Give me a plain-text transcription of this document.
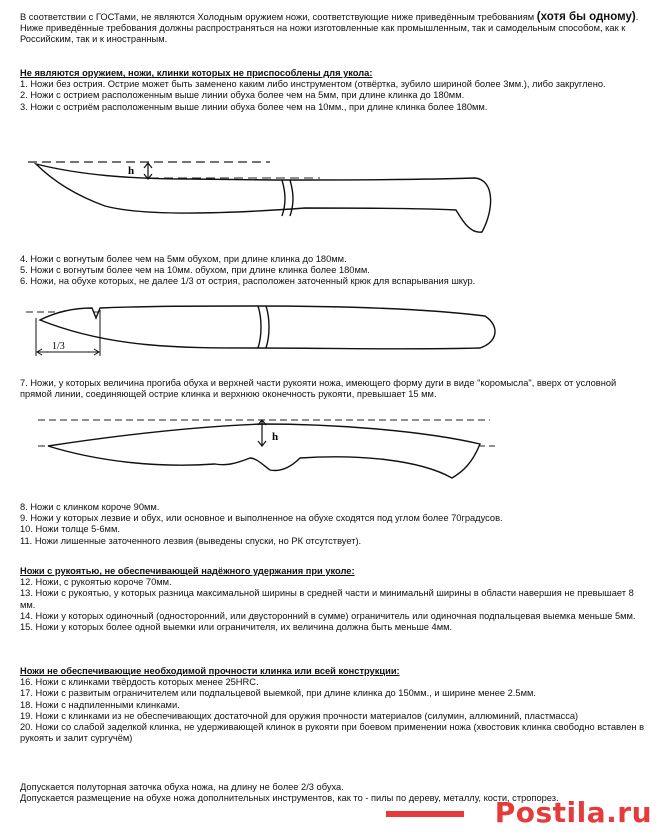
В соответствии с ГОСТами, не являются Холодным оружием ножи, соответствующие ниже приведённым требованиям (хотя бы одному). Ниже приведённые требования должны распространяться на ножи изготовленные как промышленным, так и самодельным способом, как к Российским, так и к иностранным.
Не являются оружием, ножи, клинки которых не приспособлены для укола:
1. Ножи без острия. Острие может быть заменено каким либо инструментом (отвёртка, зубило шириной более 3мм.), либо закруглено.
2. Ножи с острием расположенным выше линии обуха более чем на 5мм, при длине клинка до 180мм.
3. Ножи с остриём расположенным выше линии обуха более чем на 10мм., при длине клинка более 180мм.
h
4. Ножи с вогнутым более чем на 5мм обухом, при длине клинка до 180мм.
5. Ножи с вогнутым более чем на 10мм. обухом, при длине клинка более 180мм.
6. Ножи, на обухе которых, не далее 1/3 от острия, расположен заточенный крюк для вспарывания шкур.
1/3
7. Ножи, у которых величина прогиба обуха и верхней части рукояти ножа, имеющего форму дуги в виде "коромысла", вверх от условной прямой линии, соединяющей острие клинка и верхнюю оконечность рукояти, превышает 15 мм.
h
8. Ножи с клинком короче 90мм.
9. Ножи у которых лезвие и обух, или основное и выполненное на обухе сходятся под углом более 70градусов.
10. Ножи толще 5-6мм.
11. Ножи лишенные заточенного лезвия (выведены спуски, но РК отсутствует).
Ножи с рукоятью, не обеспечивающей надёжного удержания при уколе:
12. Ножи, с рукоятью короче 70мм.
13. Ножи с рукоятью, у которых разница максимальной ширины в средней части и минимальнй ширины в области навершия не превышает 8 мм.
14. Ножи у которых одиночный (односторонний, или двусторонний в сумме) ограничитель или одиночная подпальцевая выемка меньше 5мм.
15. Ножи у которых более одной выемки или ограничителя, их величина должна быть меньше 4мм.
Ножи не обеспечивающие необходимой прочности клинка или всей конструкции:
16. Ножи с клинками твёрдость которых менее 25HRC.
17. Ножи с развитым ограничителем или подпальцевой выемкой, при длине клинка до 150мм., и ширине менее 2.5мм.
18. Ножи с надпиленными клинками.
19. Ножи с клинками из не обеспечивающих достаточной для оружия прочности материалов (силумин, аллюминий, пластмасса)
20. Ножи со слабой заделкой клинка, не удерживающей клинок в рукояти при боевом применении ножа (хвостовик клинка свободно вставлен в рукоять и залит сургучём)
Допускается полуторная заточка обуха ножа, на длину не более 2/3 обуха.
Допускается размещение на обухе ножа дополнительных инструментов, как то - пилы по дереву, металлу, кости, стропорез.
Postila.ru
